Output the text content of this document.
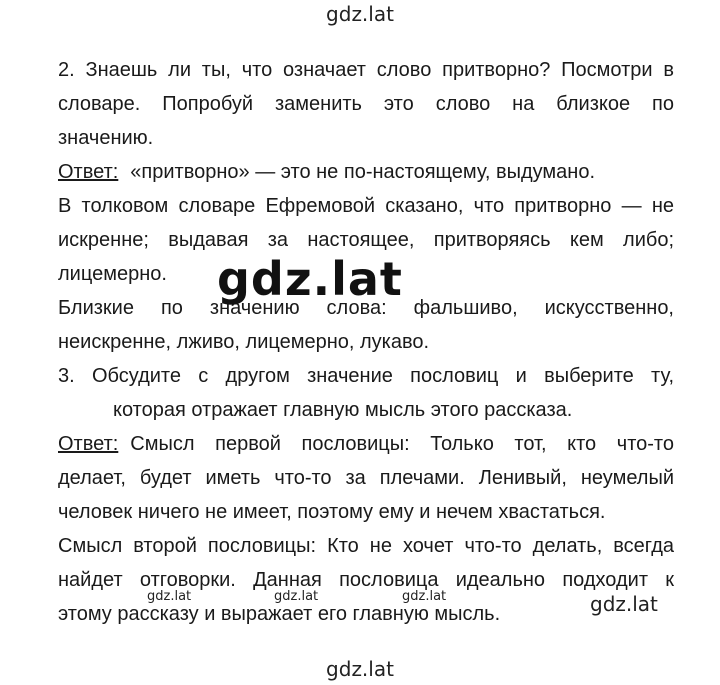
gdz.lat
2. Знаешь ли ты, что означает слово притворно? Посмотри в
словаре. Попробуй заменить это слово на близкое по
значению.
Ответ: «притворно» — это не по-настоящему, выдумано.
В толковом словаре Ефремовой сказано, что притворно — не
искренне; выдавая за настоящее, притворяясь кем либо;
лицемерно.
Близкие по значению слова: фальшиво, искусственно,
неискренне, лживо, лицемерно, лукаво.
3. Обсудите с другом значение пословиц и выберите ту,
которая отражает главную мысль этого рассказа.
Ответ: Смысл первой пословицы: Только тот, кто что-то
делает, будет иметь что-то за плечами. Ленивый, неумелый
человек ничего не имеет, поэтому ему и нечем хвастаться.
Смысл второй пословицы: Кто не хочет что-то делать, всегда
найдет отговорки. Данная пословица идеально подходит к
этому рассказу и выражает его главную мысль.
gdz.lat
gdz.lat	gdz.lat	gdz.lat	gdz.lat
gdz.lat
